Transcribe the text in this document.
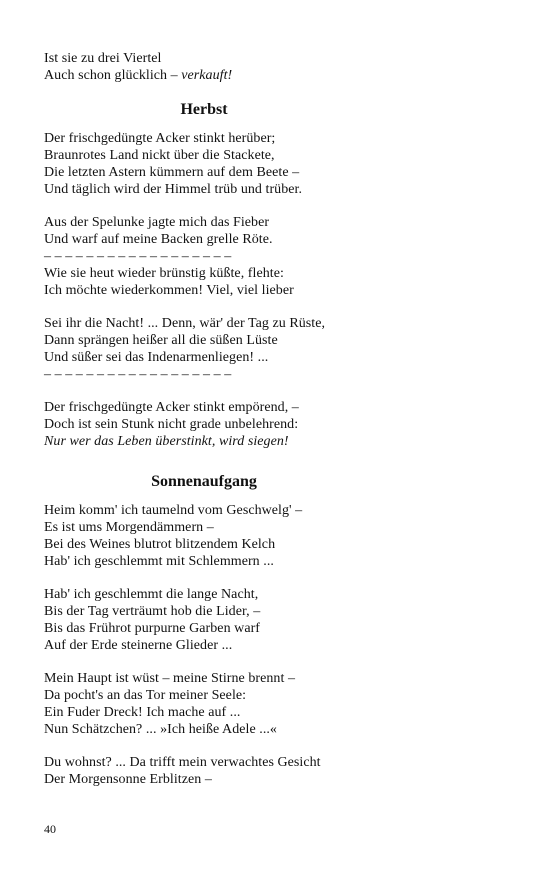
Ist sie zu drei Viertel
Auch schon glücklich – verkauft!
Herbst
Der frischgedüngte Acker stinkt herüber;
Braunrotes Land nickt über die Stackete,
Die letzten Astern kümmern auf dem Beete –
Und täglich wird der Himmel trüb und trüber.
Aus der Spelunke jagte mich das Fieber
Und warf auf meine Backen grelle Röte.
– – – – – – – – – – – – – – – – – –
Wie sie heut wieder brünstig küßte, flehte:
Ich möchte wiederkommen! Viel, viel lieber
Sei ihr die Nacht! ... Denn, wär' der Tag zu Rüste,
Dann sprängen heißer all die süßen Lüste
Und süßer sei das Indenarmenliegen! ...
– – – – – – – – – – – – – – – – – –
Der frischgedüngte Acker stinkt empörend, –
Doch ist sein Stunk nicht grade unbelehrend:
Nur wer das Leben überstinkt, wird siegen!
Sonnenaufgang
Heim komm' ich taumelnd vom Geschwelg' –
Es ist ums Morgendämmern –
Bei des Weines blutrot blitzendem Kelch
Hab' ich geschlemmt mit Schlemmern ...
Hab' ich geschlemmt die lange Nacht,
Bis der Tag verträumt hob die Lider, –
Bis das Frührot purpurne Garben warf
Auf der Erde steinerne Glieder ...
Mein Haupt ist wüst – meine Stirne brennt –
Da pocht's an das Tor meiner Seele:
Ein Fuder Dreck! Ich mache auf ...
Nun Schätzchen? ... »Ich heiße Adele ...«
Du wohnst? ... Da trifft mein verwachtes Gesicht
Der Morgensonne Erblitzen –
40
